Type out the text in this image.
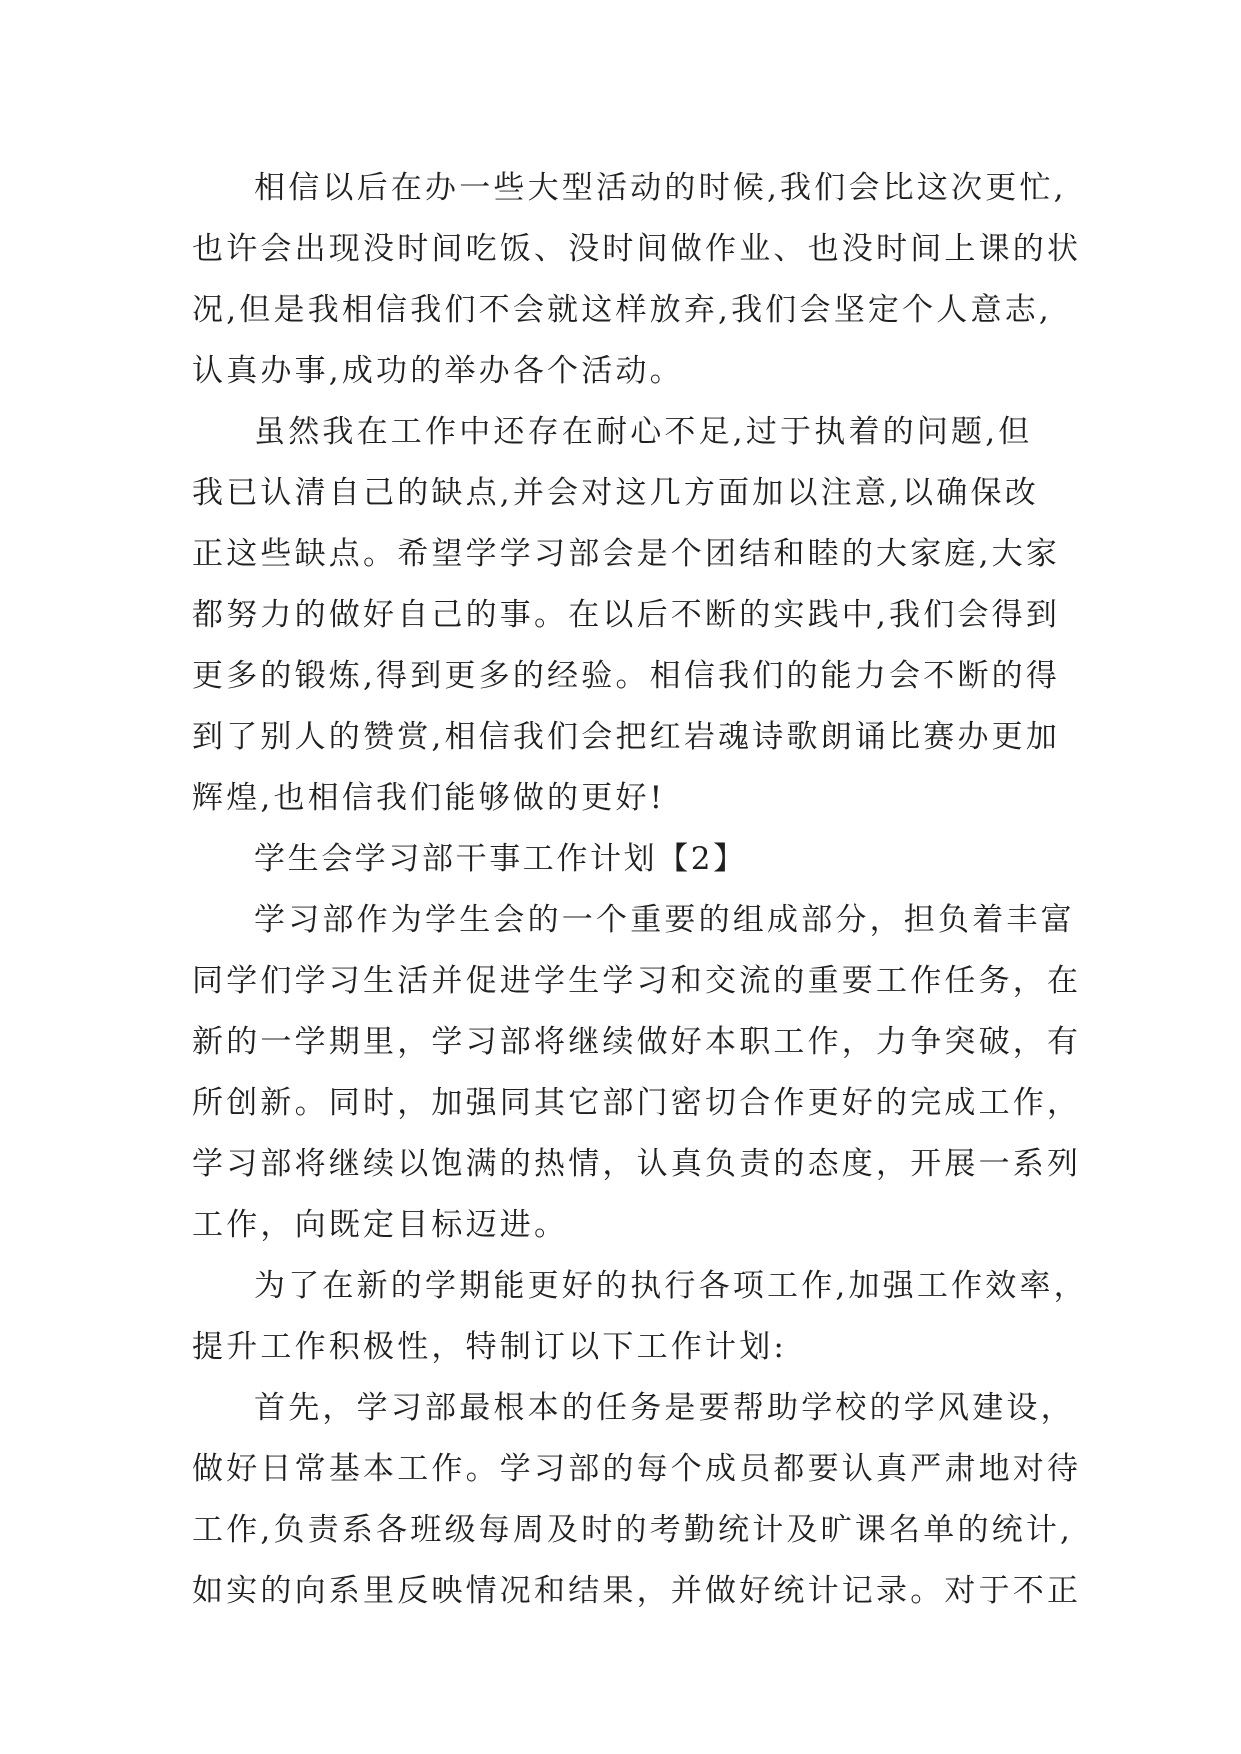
相信以后在办一些大型活动的时候,我们会比这次更忙,
也许会出现没时间吃饭、没时间做作业、也没时间上课的状
况,但是我相信我们不会就这样放弃,我们会坚定个人意志,
认真办事,成功的举办各个活动。
虽然我在工作中还存在耐心不足,过于执着的问题,但
我已认清自己的缺点,并会对这几方面加以注意,以确保改
正这些缺点。希望学学习部会是个团结和睦的大家庭,大家
都努力的做好自己的事。在以后不断的实践中,我们会得到
更多的锻炼,得到更多的经验。相信我们的能力会不断的得
到了别人的赞赏,相信我们会把红岩魂诗歌朗诵比赛办更加
辉煌,也相信我们能够做的更好!
学生会学习部干事工作计划【2】
学习部作为学生会的一个重要的组成部分，担负着丰富
同学们学习生活并促进学生学习和交流的重要工作任务，在
新的一学期里，学习部将继续做好本职工作，力争突破，有
所创新。同时，加强同其它部门密切合作更好的完成工作，
学习部将继续以饱满的热情，认真负责的态度，开展一系列
工作，向既定目标迈进。
为了在新的学期能更好的执行各项工作,加强工作效率，
提升工作积极性，特制订以下工作计划:
首先，学习部最根本的任务是要帮助学校的学风建设，
做好日常基本工作。学习部的每个成员都要认真严肃地对待
工作,负责系各班级每周及时的考勤统计及旷课名单的统计,
如实的向系里反映情况和结果，并做好统计记录。对于不正
